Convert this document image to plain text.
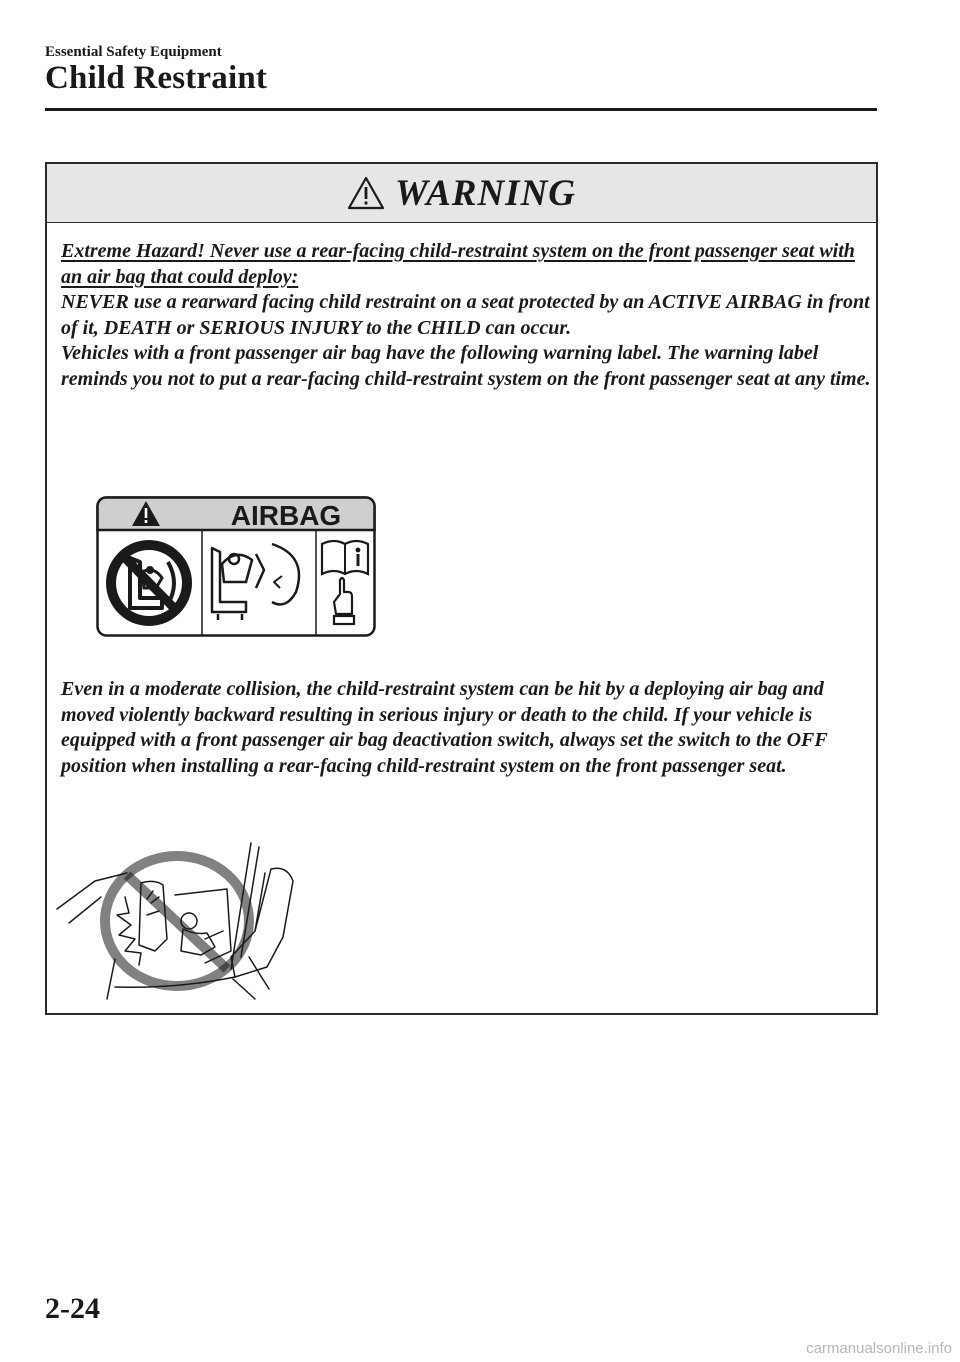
Essential Safety Equipment

Child Restraint
WARNING

Extreme Hazard! Never use a rear-facing child-restraint system on the front passenger seat with an air bag that could deploy:
NEVER use a rearward facing child restraint on a seat protected by an ACTIVE AIRBAG in front of it, DEATH or SERIOUS INJURY to the CHILD can occur.
Vehicles with a front passenger air bag have the following warning label. The warning label reminds you not to put a rear-facing child-restraint system on the front passenger seat at any time.

AIRBAG

Even in a moderate collision, the child-restraint system can be hit by a deploying air bag and moved violently backward resulting in serious injury or death to the child. If your vehicle is equipped with a front passenger air bag deactivation switch, always set the switch to the OFF position when installing a rear-facing child-restraint system on the front passenger seat.

2-24

carmanualsonline.info
